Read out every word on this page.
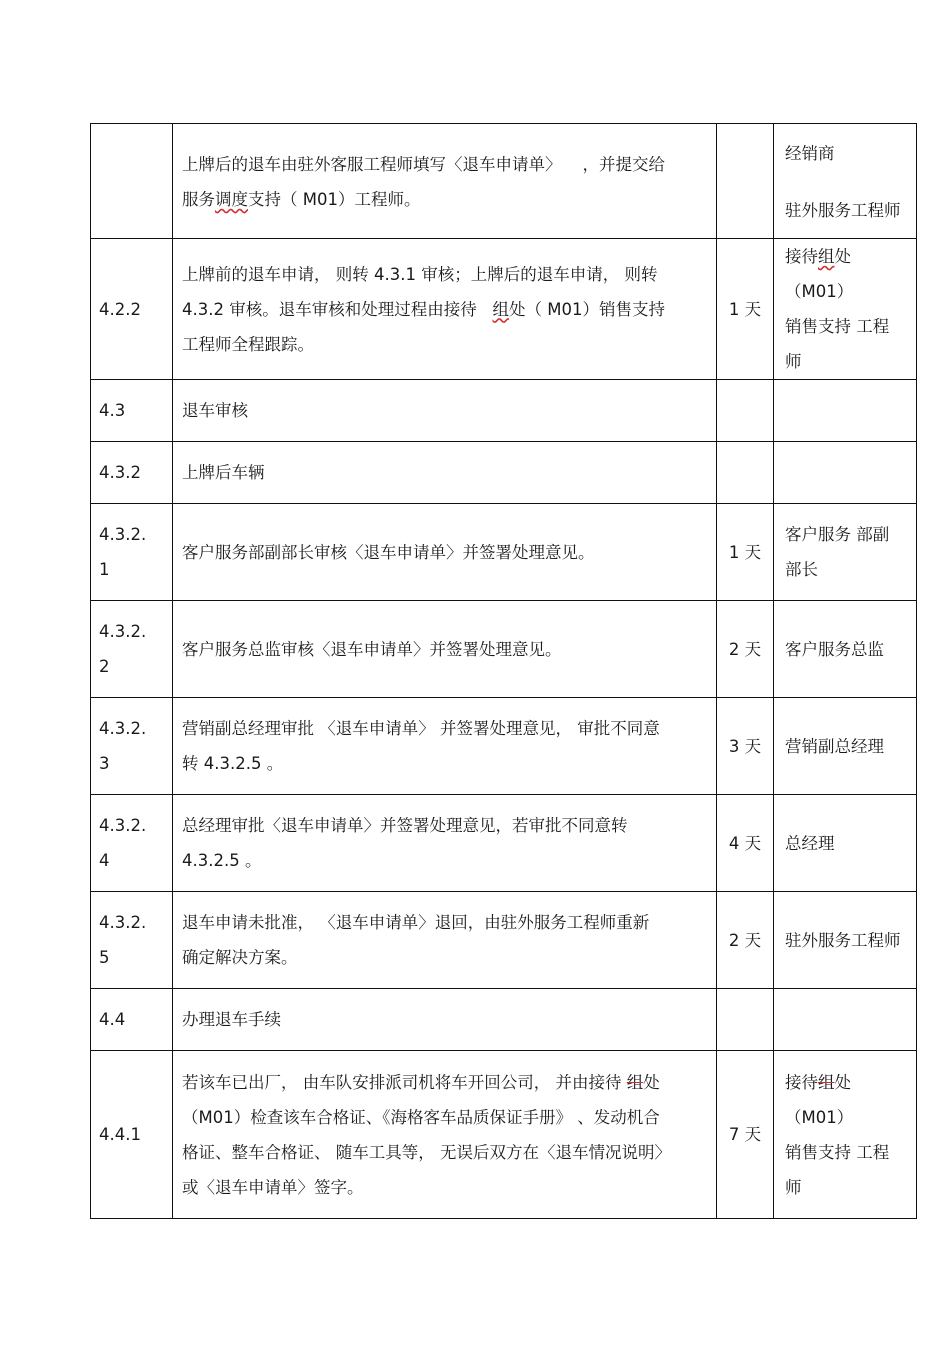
	上牌后的退车由驻外客服工程师填写〈退车申请单〉 ，并提交给
服务调度支持（ M01）工程师。		经销商
驻外服务工程师

4.2.2	上牌前的退车申请， 则转 4.3.1 审核；上牌后的退车申请， 则转
4.3.2 审核。退车审核和处理过程由接待 组处（ M01）销售支持
工程师全程跟踪。	1 天	接待组处（M01）
销售支持 工程
师

4.3	退车审核		
4.3.2	上牌后车辆		

4.3.2.
1	客户服务部副部长审核〈退车申请单〉并签署处理意见。	1 天	客户服务 部副
部长

4.3.2.
2	客户服务总监审核〈退车申请单〉并签署处理意见。	2 天	客户服务总监

4.3.2.
3	营销副总经理审批 〈退车申请单〉 并签署处理意见， 审批不同意
转 4.3.2.5 。	3 天	营销副总经理

4.3.2.
4	总经理审批〈退车申请单〉并签署处理意见，若审批不同意转
4.3.2.5 。	4 天	总经理

4.3.2.
5	退车申请未批准， 〈退车申请单〉退回，由驻外服务工程师重新
确定解决方案。	2 天	驻外服务工程师
4.4	办理退车手续		
4.4.1	若该车已出厂， 由车队安排派司机将车开回公司， 并由接待 组处
（M01）检查该车合格证、《海格客车品质保证手册》 、发动机合
格证、整车合格证、 随车工具等， 无误后双方在〈退车情况说明〉
或〈退车申请单〉签字。	7 天	接待组处（M01）
销售支持 工程
师
